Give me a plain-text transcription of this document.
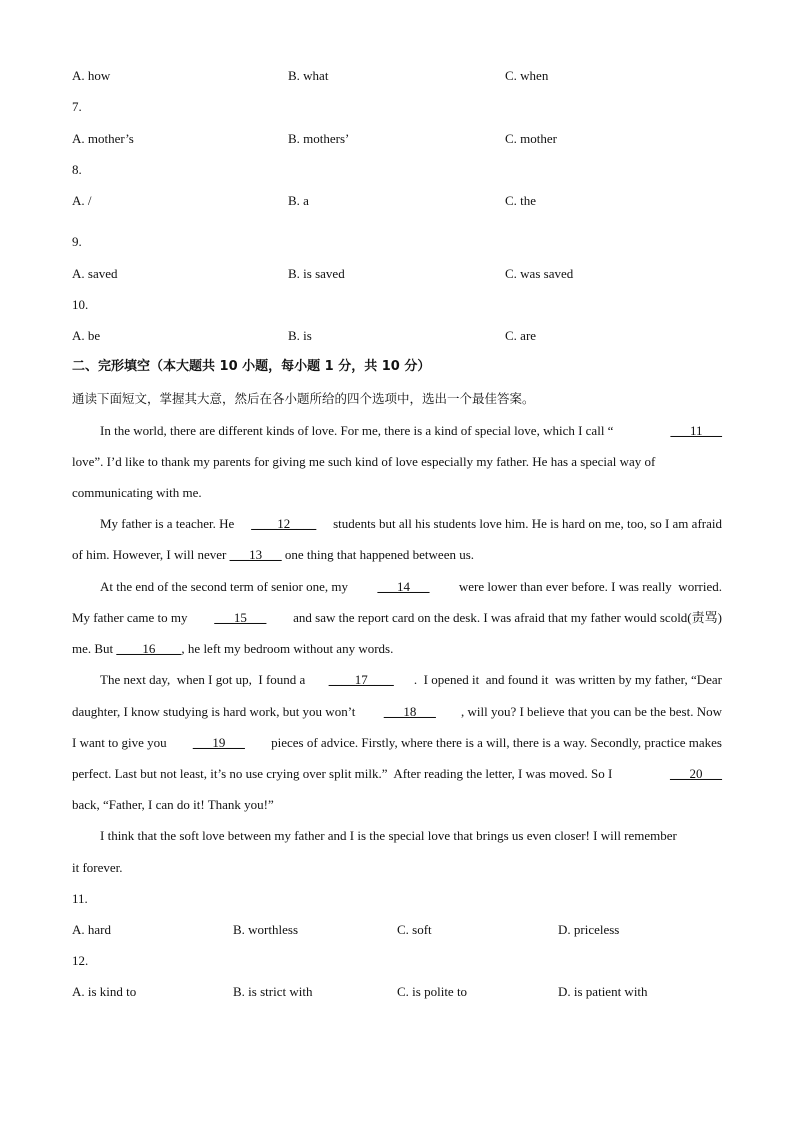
A. how	B. what	C. when
7.
A. mother’s	B. mothers’	C. mother
8.
A. /	B. a	C. the
9.
A. saved	B. is saved	C. was saved
10.
A. be	B. is	C. are
二、完形填空（本大题共 10 小题，每小题 1 分，共 10 分）
通读下面短文，掌握其大意，然后在各小题所给的四个选项中，选出一个最佳答案。
In the world, there are different kinds of love. For me, there is a kind of special love, which I call “	___11___
love”. I’d like to thank my parents for giving me such kind of love especially my father. He has a special way of
communicating with me.
My father is a teacher. He ____12____ students but all his students love him. He is hard on me, too, so I am afraid
of him. However, I will never ___13___ one thing that happened between us.
At the end of the second term of senior one, my ___14___ were lower than ever before. I was really  worried.
My father came to my ___15___ and saw the report card on the desk. I was afraid that my father would scold(责骂)
me. But ____16____, he left my bedroom without any words.
The next day,  when I got up,  I found a ____17____ .  I opened it  and found it  was written by my father, “Dear
daughter, I know studying is hard work, but you won’t ___18___ , will you? I believe that you can be the best. Now
I want to give you ___19___ pieces of advice. Firstly, where there is a will, there is a way. Secondly, practice makes
perfect. Last but not least, it’s no use crying over split milk.”  After reading the letter, I was moved. So I	___20___
back, “Father, I can do it! Thank you!”
I think that the soft love between my father and I is the special love that brings us even closer! I will remember
it forever.
11.
A. hard	B. worthless	C. soft	D. priceless
12.
A. is kind to	B. is strict with	C. is polite to	D. is patient with
